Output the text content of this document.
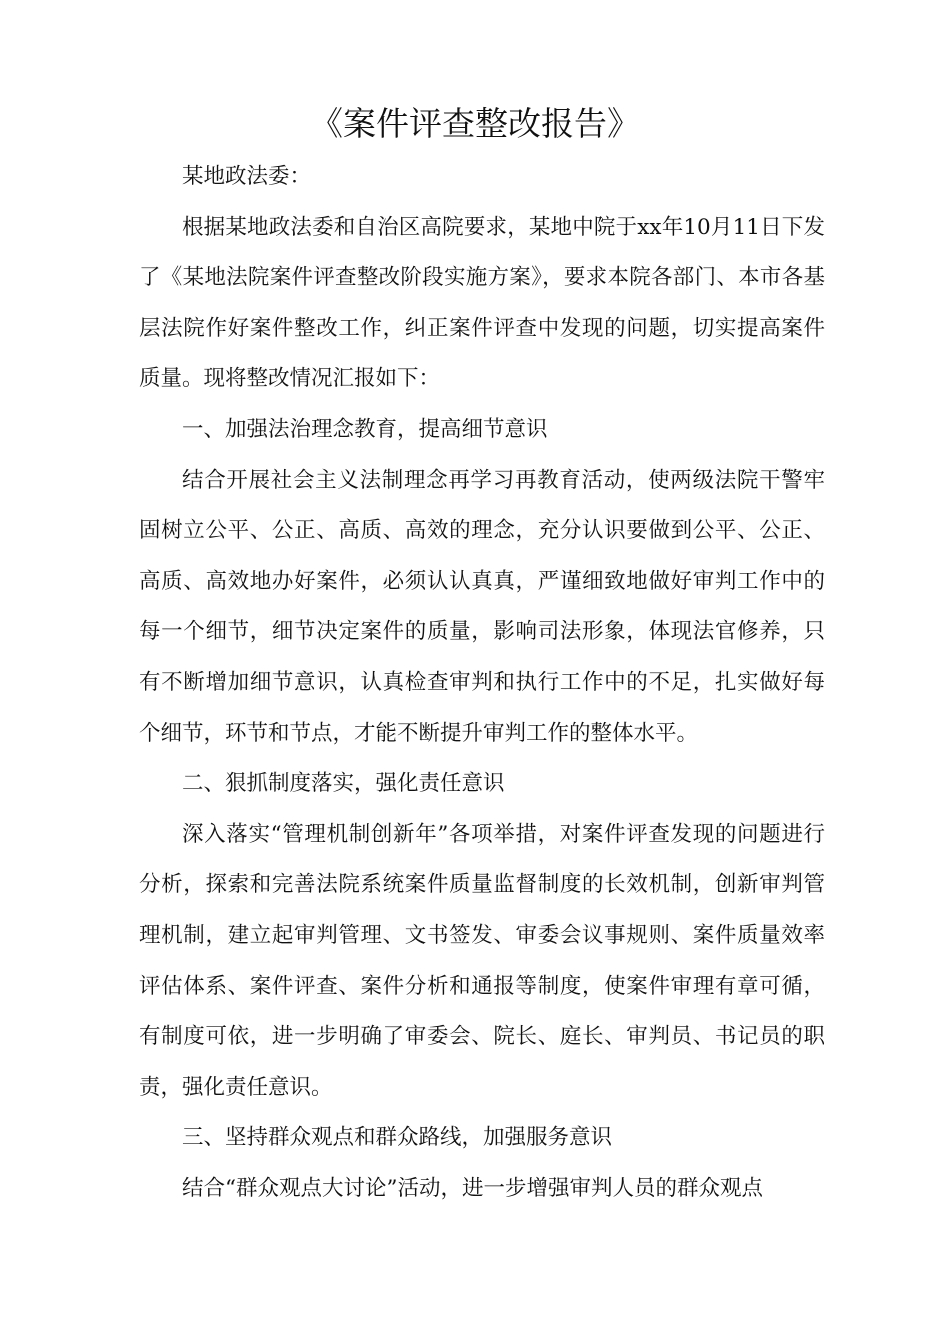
《案件评查整改报告》

某地政法委：

根据某地政法委和自治区高院要求，某地中院于xx年10月11日下发了《某地法院案件评查整改阶段实施方案》，要求本院各部门、本市各基层法院作好案件整改工作，纠正案件评查中发现的问题，切实提高案件质量。现将整改情况汇报如下：

一、加强法治理念教育，提高细节意识

结合开展社会主义法制理念再学习再教育活动，使两级法院干警牢固树立公平、公正、高质、高效的理念，充分认识要做到公平、公正、高质、高效地办好案件，必须认认真真，严谨细致地做好审判工作中的每一个细节，细节决定案件的质量，影响司法形象，体现法官修养，只有不断增加细节意识，认真检查审判和执行工作中的不足，扎实做好每个细节，环节和节点，才能不断提升审判工作的整体水平。

二、狠抓制度落实，强化责任意识

深入落实“管理机制创新年”各项举措，对案件评查发现的问题进行分析，探索和完善法院系统案件质量监督制度的长效机制，创新审判管理机制，建立起审判管理、文书签发、审委会议事规则、案件质量效率评估体系、案件评查、案件分析和通报等制度，使案件审理有章可循，有制度可依，进一步明确了审委会、院长、庭长、审判员、书记员的职责，强化责任意识。

三、坚持群众观点和群众路线，加强服务意识

结合“群众观点大讨论”活动，进一步增强审判人员的群众观点
